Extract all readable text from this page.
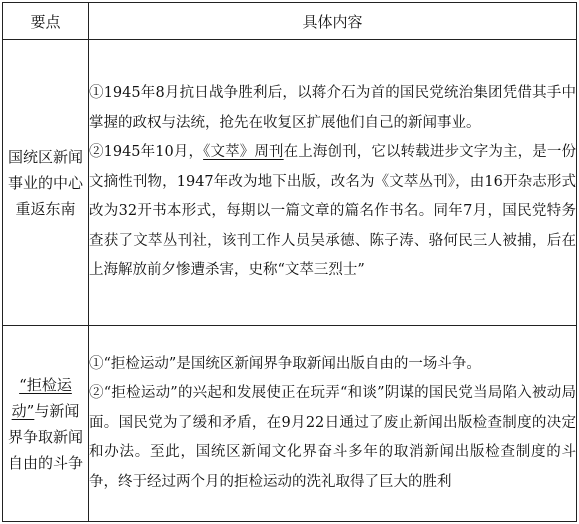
要点	具体内容

国统区新闻事业的中心重返东南	①1945年8月抗日战争胜利后，以蒋介石为首的国民党统治集团凭借其手中掌握的政权与法统，抢先在收复区扩展他们自己的新闻事业。

②1945年10月，《文萃》周刊在上海创刊，它以转载进步文字为主，是一份文摘性刊物，1947年改为地下出版，改名为《文萃丛刊》，由16开杂志形式改为32开书本形式，每期以一篇文章的篇名作书名。同年7月，国民党特务查获了文萃丛刊社，该刊工作人员吴承德、陈子涛、骆何民三人被捕，后在上海解放前夕惨遭杀害，史称“文萃三烈士”

“拒检运动”与新闻界争取新闻自由的斗争	①“拒检运动”是国统区新闻界争取新闻出版自由的一场斗争。

②“拒检运动”的兴起和发展使正在玩弄“和谈”阴谋的国民党当局陷入被动局面。国民党为了缓和矛盾，在9月22日通过了废止新闻出版检查制度的决定和办法。至此，国统区新闻文化界奋斗多年的取消新闻出版检查制度的斗争，终于经过两个月的拒检运动的洗礼取得了巨大的胜利
